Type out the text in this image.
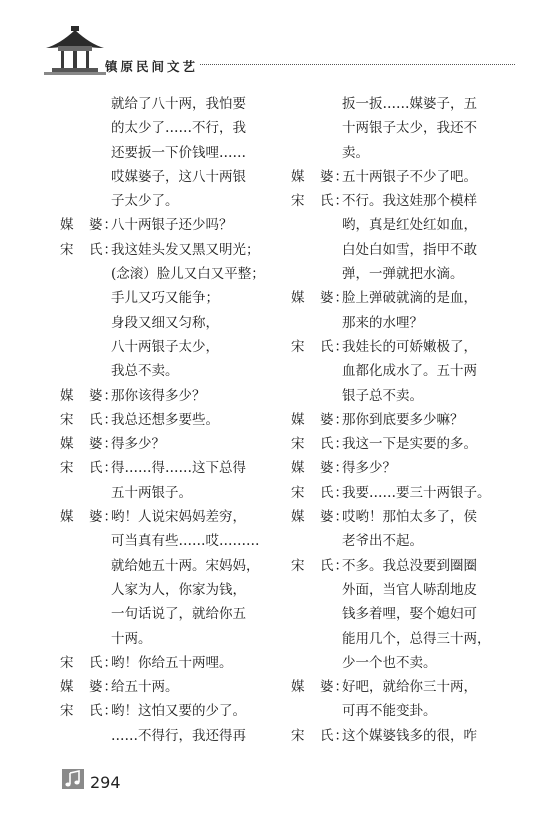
镇原民间文艺
就给了八十两，我怕要
的太少了……不行，我
还要扳一下价钱哩……
哎媒婆子，这八十两银
子太少了。
媒　婆：
八十两银子还少吗？
宋　氏：
我这娃头发又黑又明光；
(念滚）脸儿又白又平整；
手儿又巧又能争；
身段又细又匀称，
八十两银子太少，
我总不卖。
媒　婆：
那你该得多少？
宋　氏：
我总还想多要些。
媒　婆：
得多少？
宋　氏：
得……得……这下总得
五十两银子。
媒　婆：
哟！人说宋妈妈差穷，
可当真有些……哎………
就给她五十两。宋妈妈，
人家为人，你家为钱，
一句话说了，就给你五
十两。
宋　氏：
哟！你给五十两哩。
媒　婆：
给五十两。
宋　氏：
哟！这怕又要的少了。
……不得行，我还得再
扳一扳……媒婆子，五
十两银子太少，我还不
卖。
媒　婆：
五十两银子不少了吧。
宋　氏：
不行。我这娃那个模样
哟，真是红处红如血，
白处白如雪，指甲不敢
弹，一弹就把水滴。
媒　婆：
脸上弹破就滴的是血，
那来的水哩？
宋　氏：
我娃长的可娇嫩极了，
血都化成水了。五十两
银子总不卖。
媒　婆：
那你到底要多少嘛？
宋　氏：
我这一下是实要的多。
媒　婆：
得多少？
宋　氏：
我要……要三十两银子。
媒　婆：
哎哟！那怕太多了，侯
老爷出不起。
宋　氏：
不多。我总没要到圈圈
外面，当官人哧刮地皮
钱多着哩，娶个媳妇可
能用几个，总得三十两，
少一个也不卖。
媒　婆：
好吧，就给你三十两，
可再不能变卦。
宋　氏：
这个媒婆钱多的很，咋
294
